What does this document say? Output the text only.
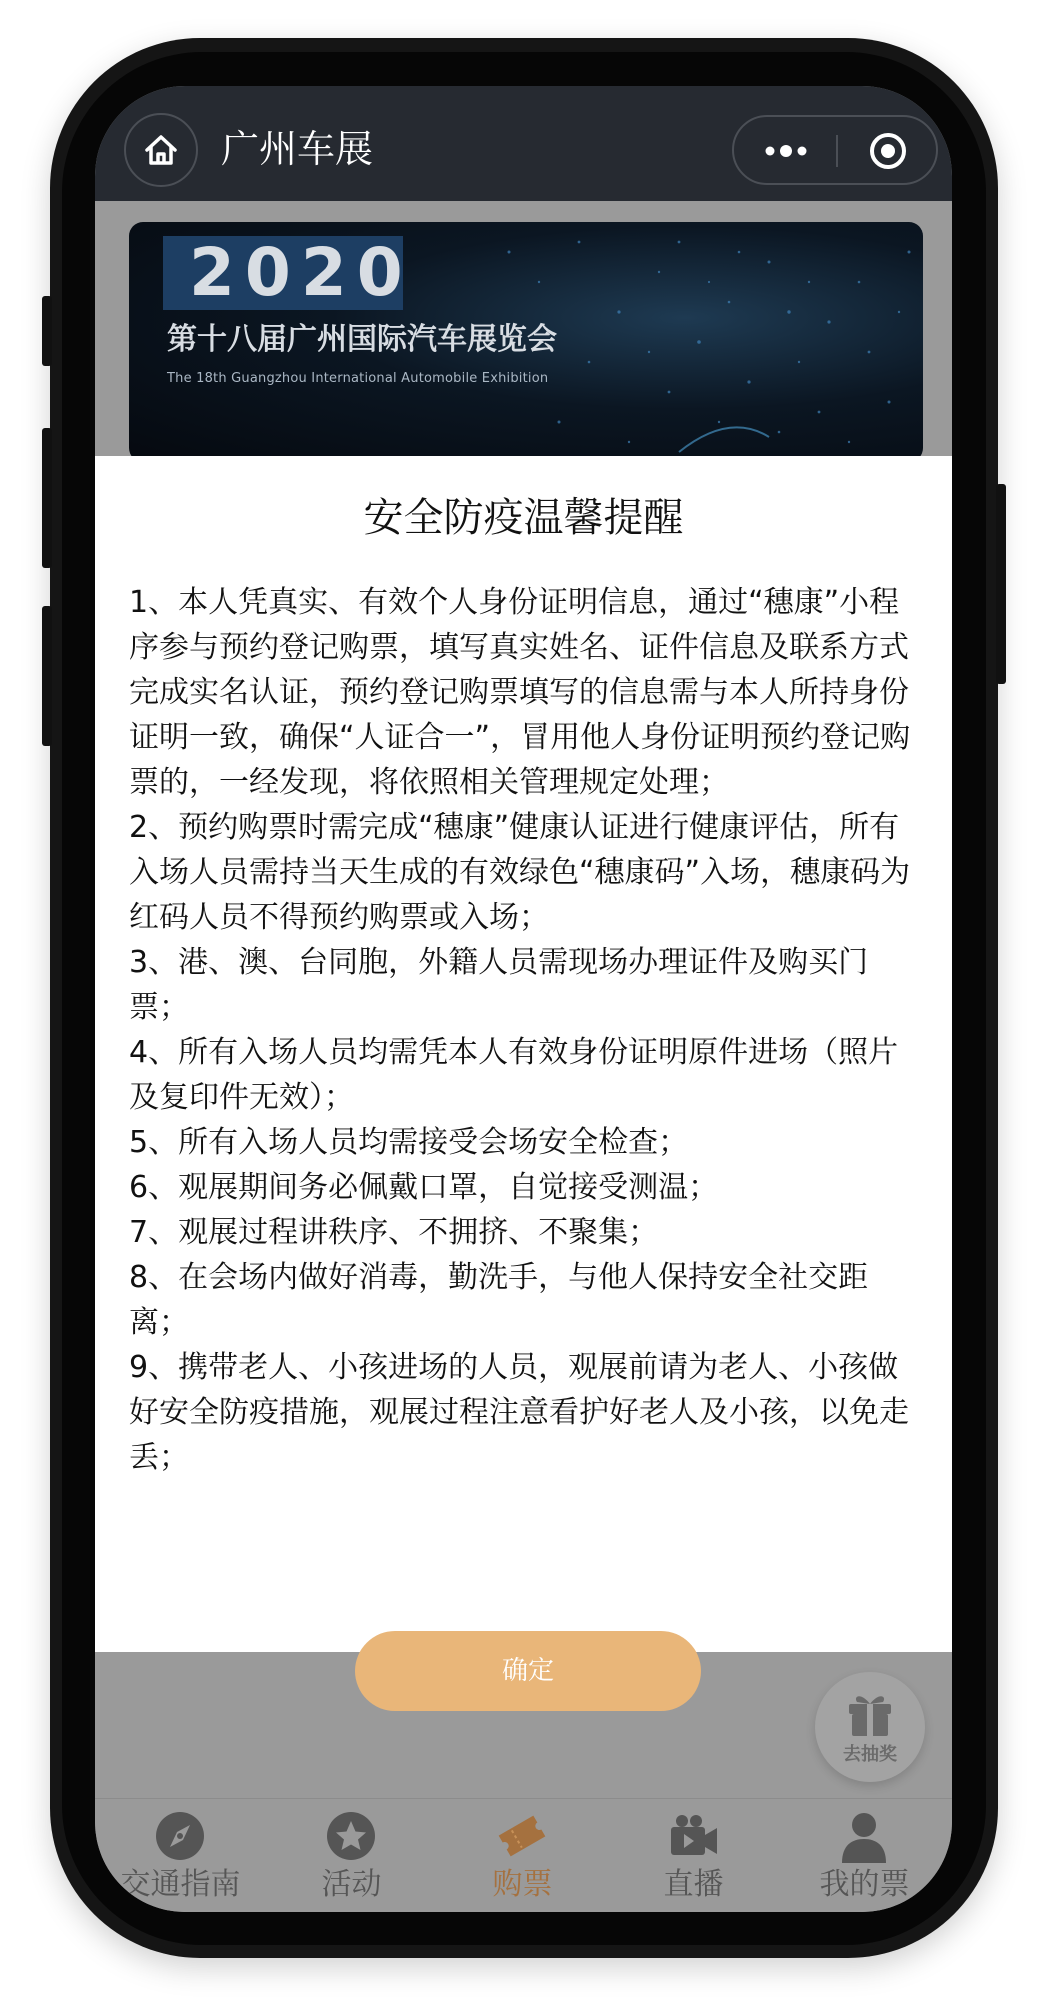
广州车展
2020
第十八届广州国际汽车展览会
The 18th Guangzhou International Automobile Exhibition
安全防疫温馨提醒
1、本人凭真实、有效个人身份证明信息，通过“穗康”小程序参与预约登记购票，填写真实姓名、证件信息及联系方式完成实名认证，预约登记购票填写的信息需与本人所持身份证明一致，确保“人证合一”，冒用他人身份证明预约登记购票的，一经发现，将依照相关管理规定处理；
2、预约购票时需完成“穗康”健康认证进行健康评估，所有入场人员需持当天生成的有效绿色“穗康码”入场，穗康码为红码人员不得预约购票或入场；
3、港、澳、台同胞，外籍人员需现场办理证件及购买门票；
4、所有入场人员均需凭本人有效身份证明原件进场（照片及复印件无效）；
5、所有入场人员均需接受会场安全检查；
6、观展期间务必佩戴口罩，自觉接受测温；
7、观展过程讲秩序、不拥挤、不聚集；
8、在会场内做好消毒，勤洗手，与他人保持安全社交距离；
9、携带老人、小孩进场的人员，观展前请为老人、小孩做好安全防疫措施，观展过程注意看护好老人及小孩，以免走丢；
确定
去抽奖
交通指南	活动	购票	直播	我的票
